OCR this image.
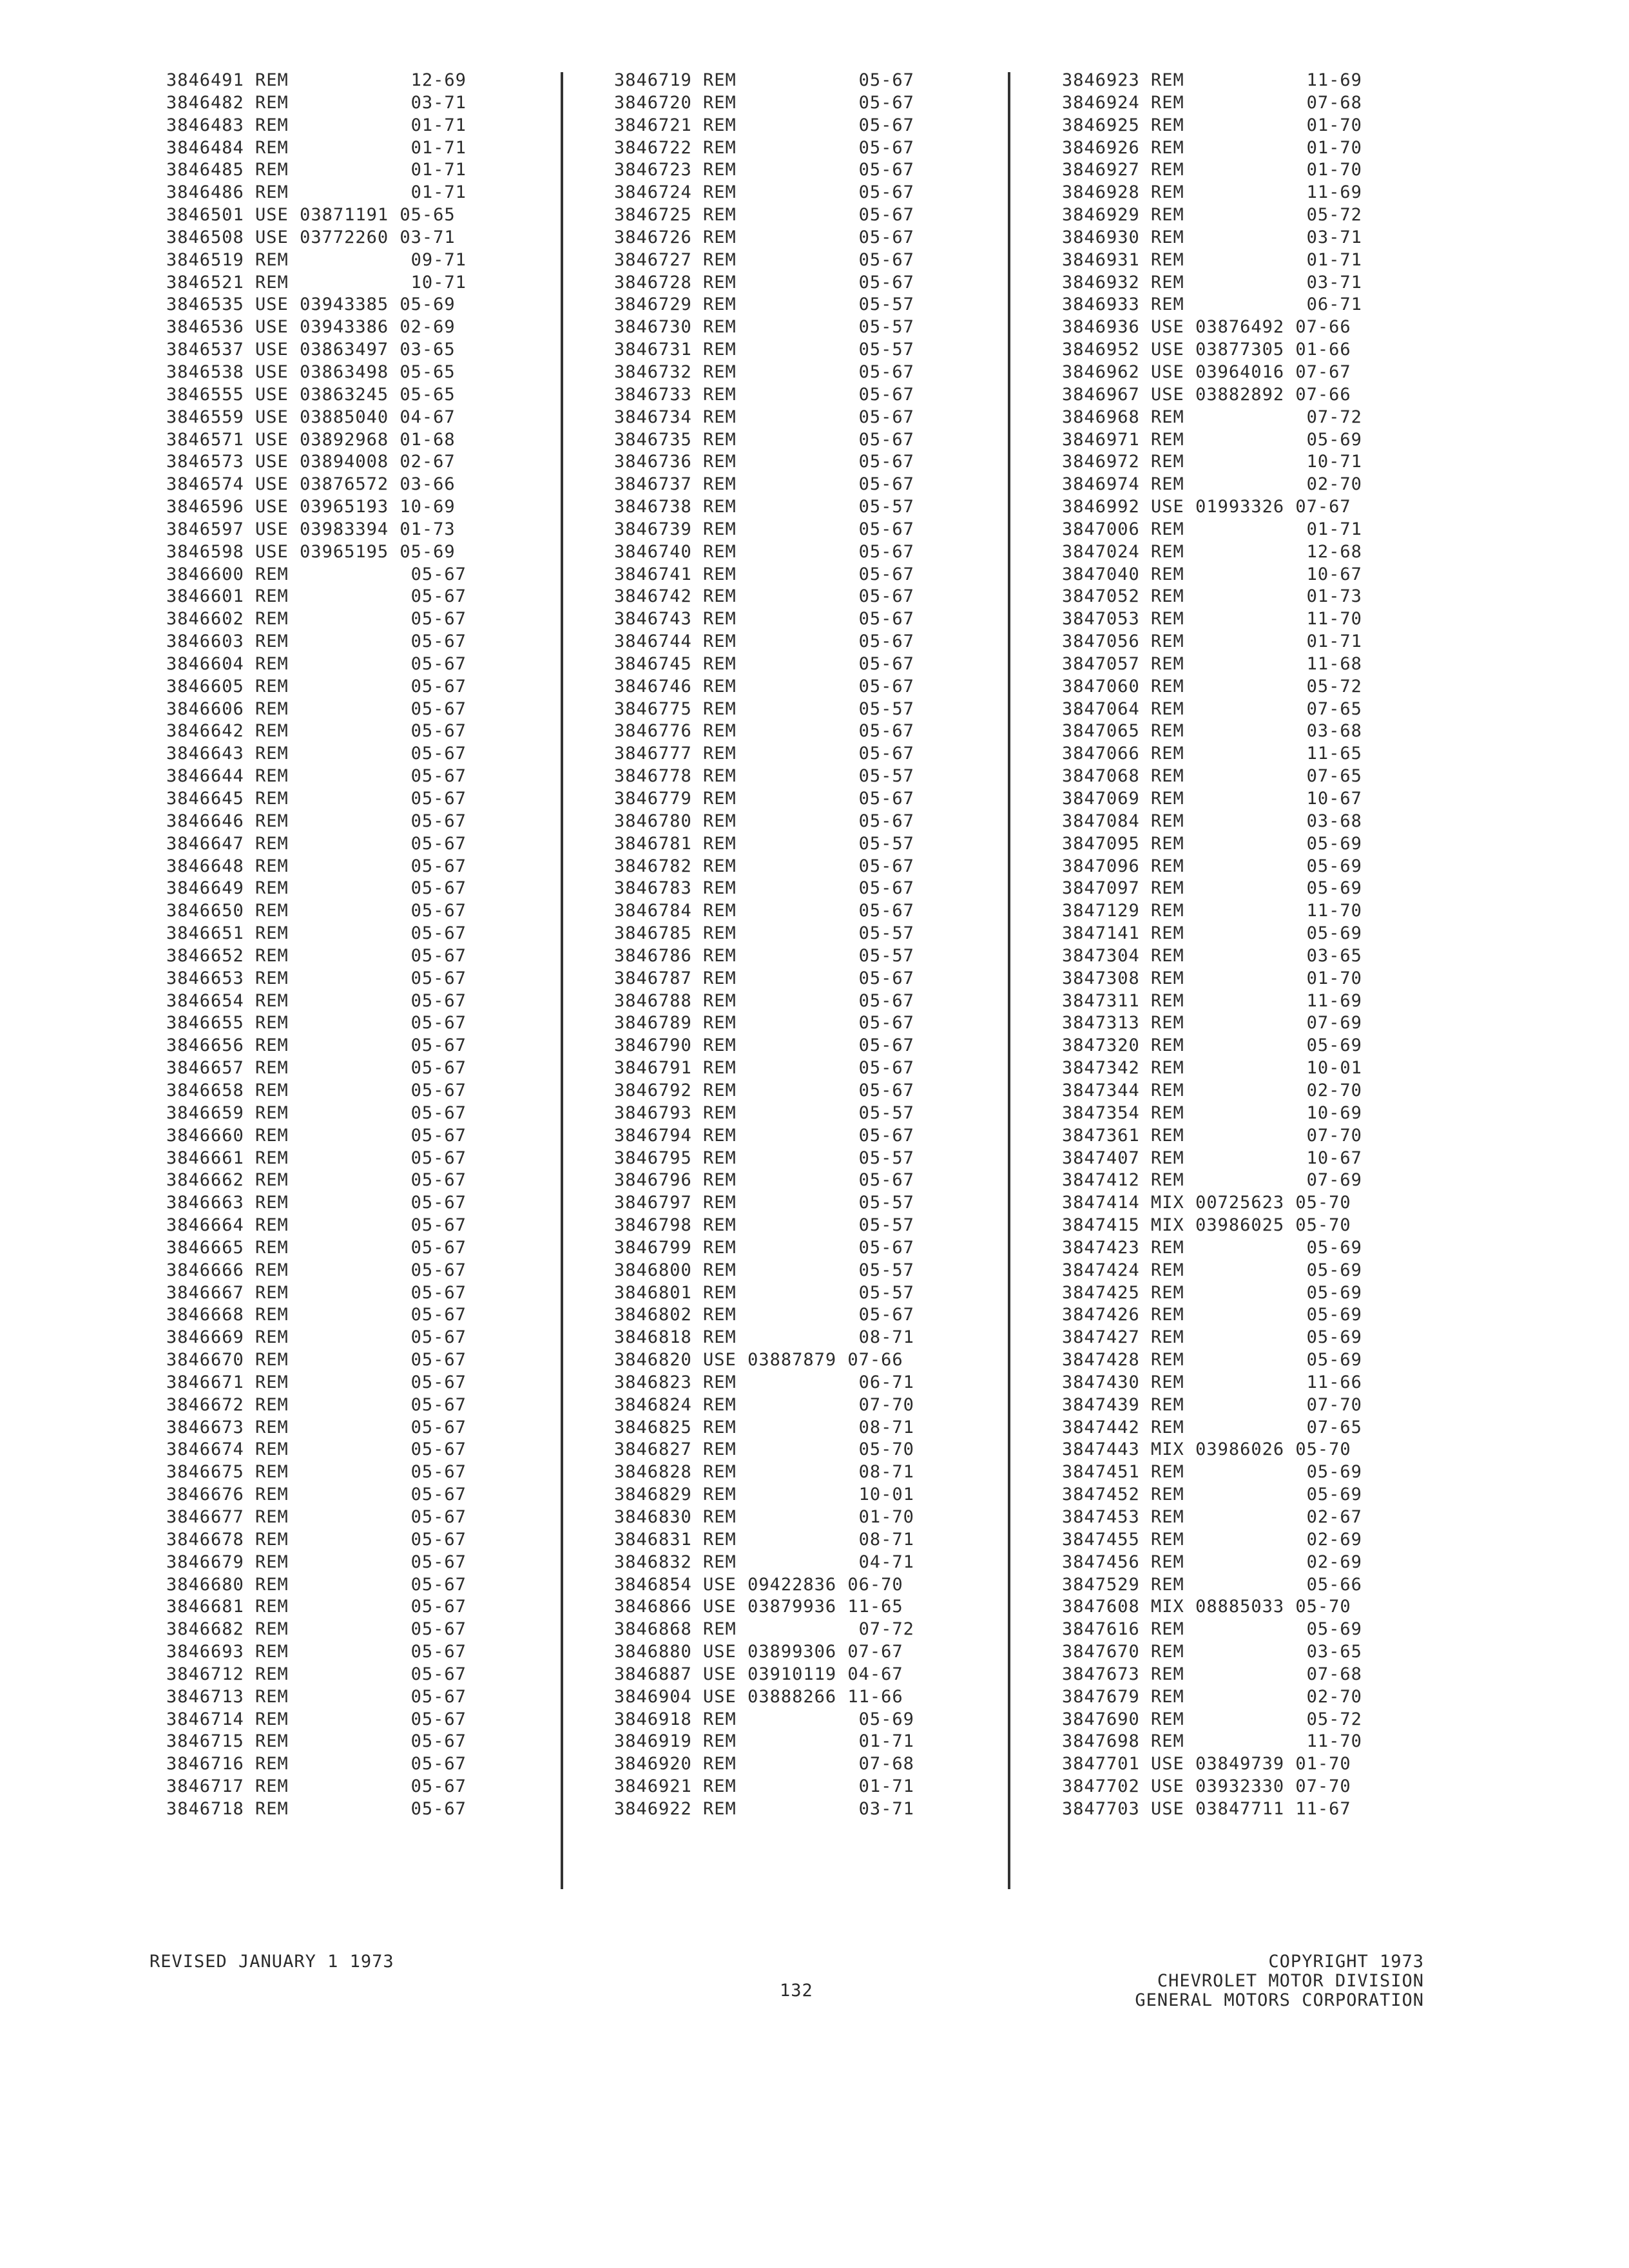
3846491 REM           12-69
3846482 REM           03-71
3846483 REM           01-71
3846484 REM           01-71
3846485 REM           01-71
3846486 REM           01-71
3846501 USE 03871191 05-65
3846508 USE 03772260 03-71
3846519 REM           09-71
3846521 REM           10-71
3846535 USE 03943385 05-69
3846536 USE 03943386 02-69
3846537 USE 03863497 03-65
3846538 USE 03863498 05-65
3846555 USE 03863245 05-65
3846559 USE 03885040 04-67
3846571 USE 03892968 01-68
3846573 USE 03894008 02-67
3846574 USE 03876572 03-66
3846596 USE 03965193 10-69
3846597 USE 03983394 01-73
3846598 USE 03965195 05-69
3846600 REM           05-67
3846601 REM           05-67
3846602 REM           05-67
3846603 REM           05-67
3846604 REM           05-67
3846605 REM           05-67
3846606 REM           05-67
3846642 REM           05-67
3846643 REM           05-67
3846644 REM           05-67
3846645 REM           05-67
3846646 REM           05-67
3846647 REM           05-67
3846648 REM           05-67
3846649 REM           05-67
3846650 REM           05-67
3846651 REM           05-67
3846652 REM           05-67
3846653 REM           05-67
3846654 REM           05-67
3846655 REM           05-67
3846656 REM           05-67
3846657 REM           05-67
3846658 REM           05-67
3846659 REM           05-67
3846660 REM           05-67
3846661 REM           05-67
3846662 REM           05-67
3846663 REM           05-67
3846664 REM           05-67
3846665 REM           05-67
3846666 REM           05-67
3846667 REM           05-67
3846668 REM           05-67
3846669 REM           05-67
3846670 REM           05-67
3846671 REM           05-67
3846672 REM           05-67
3846673 REM           05-67
3846674 REM           05-67
3846675 REM           05-67
3846676 REM           05-67
3846677 REM           05-67
3846678 REM           05-67
3846679 REM           05-67
3846680 REM           05-67
3846681 REM           05-67
3846682 REM           05-67
3846693 REM           05-67
3846712 REM           05-67
3846713 REM           05-67
3846714 REM           05-67
3846715 REM           05-67
3846716 REM           05-67
3846717 REM           05-67
3846718 REM           05-67
3846719 REM           05-67
3846720 REM           05-67
3846721 REM           05-67
3846722 REM           05-67
3846723 REM           05-67
3846724 REM           05-67
3846725 REM           05-67
3846726 REM           05-67
3846727 REM           05-67
3846728 REM           05-67
3846729 REM           05-57
3846730 REM           05-57
3846731 REM           05-57
3846732 REM           05-67
3846733 REM           05-67
3846734 REM           05-67
3846735 REM           05-67
3846736 REM           05-67
3846737 REM           05-67
3846738 REM           05-57
3846739 REM           05-67
3846740 REM           05-67
3846741 REM           05-67
3846742 REM           05-67
3846743 REM           05-67
3846744 REM           05-67
3846745 REM           05-67
3846746 REM           05-67
3846775 REM           05-57
3846776 REM           05-67
3846777 REM           05-67
3846778 REM           05-57
3846779 REM           05-67
3846780 REM           05-67
3846781 REM           05-57
3846782 REM           05-67
3846783 REM           05-67
3846784 REM           05-67
3846785 REM           05-57
3846786 REM           05-57
3846787 REM           05-67
3846788 REM           05-67
3846789 REM           05-67
3846790 REM           05-67
3846791 REM           05-67
3846792 REM           05-67
3846793 REM           05-57
3846794 REM           05-67
3846795 REM           05-57
3846796 REM           05-67
3846797 REM           05-57
3846798 REM           05-57
3846799 REM           05-67
3846800 REM           05-57
3846801 REM           05-57
3846802 REM           05-67
3846818 REM           08-71
3846820 USE 03887879 07-66
3846823 REM           06-71
3846824 REM           07-70
3846825 REM           08-71
3846827 REM           05-70
3846828 REM           08-71
3846829 REM           10-01
3846830 REM           01-70
3846831 REM           08-71
3846832 REM           04-71
3846854 USE 09422836 06-70
3846866 USE 03879936 11-65
3846868 REM           07-72
3846880 USE 03899306 07-67
3846887 USE 03910119 04-67
3846904 USE 03888266 11-66
3846918 REM           05-69
3846919 REM           01-71
3846920 REM           07-68
3846921 REM           01-71
3846922 REM           03-71
3846923 REM           11-69
3846924 REM           07-68
3846925 REM           01-70
3846926 REM           01-70
3846927 REM           01-70
3846928 REM           11-69
3846929 REM           05-72
3846930 REM           03-71
3846931 REM           01-71
3846932 REM           03-71
3846933 REM           06-71
3846936 USE 03876492 07-66
3846952 USE 03877305 01-66
3846962 USE 03964016 07-67
3846967 USE 03882892 07-66
3846968 REM           07-72
3846971 REM           05-69
3846972 REM           10-71
3846974 REM           02-70
3846992 USE 01993326 07-67
3847006 REM           01-71
3847024 REM           12-68
3847040 REM           10-67
3847052 REM           01-73
3847053 REM           11-70
3847056 REM           01-71
3847057 REM           11-68
3847060 REM           05-72
3847064 REM           07-65
3847065 REM           03-68
3847066 REM           11-65
3847068 REM           07-65
3847069 REM           10-67
3847084 REM           03-68
3847095 REM           05-69
3847096 REM           05-69
3847097 REM           05-69
3847129 REM           11-70
3847141 REM           05-69
3847304 REM           03-65
3847308 REM           01-70
3847311 REM           11-69
3847313 REM           07-69
3847320 REM           05-69
3847342 REM           10-01
3847344 REM           02-70
3847354 REM           10-69
3847361 REM           07-70
3847407 REM           10-67
3847412 REM           07-69
3847414 MIX 00725623 05-70
3847415 MIX 03986025 05-70
3847423 REM           05-69
3847424 REM           05-69
3847425 REM           05-69
3847426 REM           05-69
3847427 REM           05-69
3847428 REM           05-69
3847430 REM           11-66
3847439 REM           07-70
3847442 REM           07-65
3847443 MIX 03986026 05-70
3847451 REM           05-69
3847452 REM           05-69
3847453 REM           02-67
3847455 REM           02-69
3847456 REM           02-69
3847529 REM           05-66
3847608 MIX 08885033 05-70
3847616 REM           05-69
3847670 REM           03-65
3847673 REM           07-68
3847679 REM           02-70
3847690 REM           05-72
3847698 REM           11-70
3847701 USE 03849739 01-70
3847702 USE 03932330 07-70
3847703 USE 03847711 11-67
REVISED JANUARY 1 1973
132
COPYRIGHT 1973
CHEVROLET MOTOR DIVISION
GENERAL MOTORS CORPORATION
